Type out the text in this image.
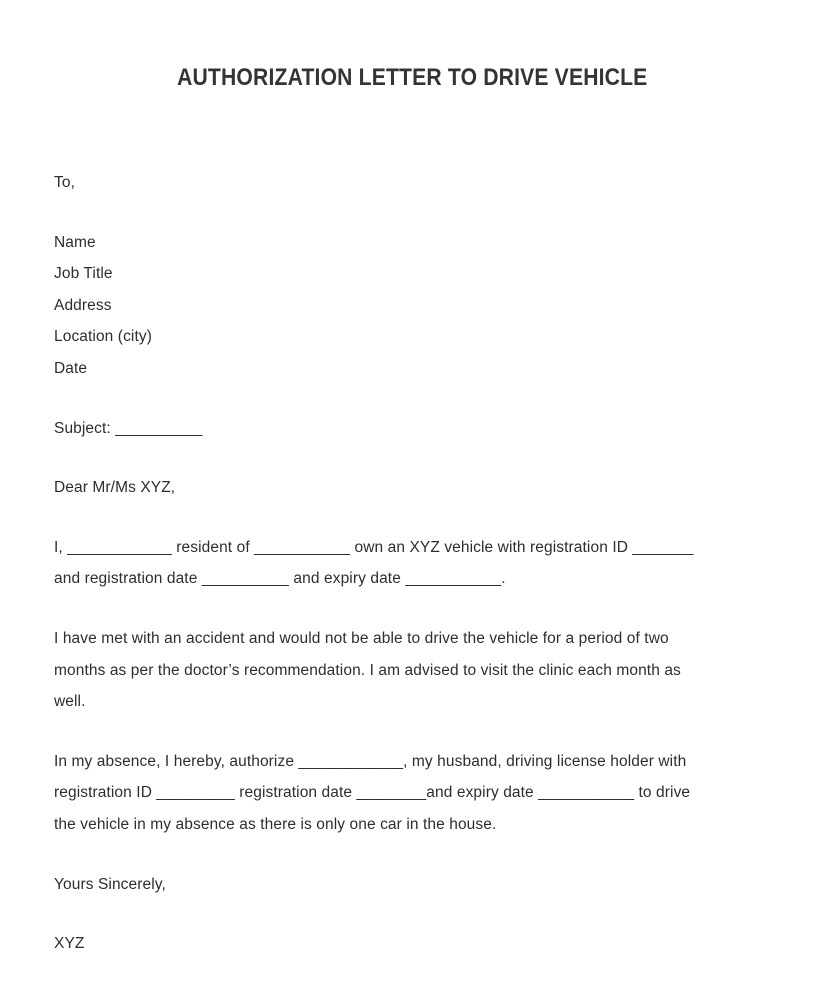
AUTHORIZATION LETTER TO DRIVE VEHICLE
To,
Name
Job Title
Address
Location (city)
Date
Subject: __________
Dear Mr/Ms XYZ,
I, ____________ resident of ___________ own an XYZ vehicle with registration ID _______
and registration date __________ and expiry date ___________.
I have met with an accident and would not be able to drive the vehicle for a period of two
months as per the doctor’s recommendation. I am advised to visit the clinic each month as
well.
In my absence, I hereby, authorize ____________, my husband, driving license holder with
registration ID _________ registration date ________and expiry date ___________ to drive
the vehicle in my absence as there is only one car in the house.
Yours Sincerely,
XYZ
